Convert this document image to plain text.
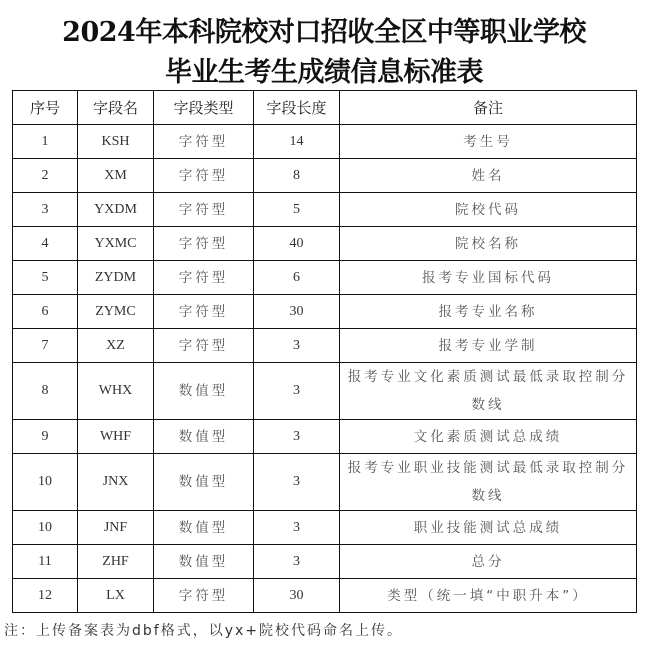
2024年本科院校对口招收全区中等职业学校
毕业生考生成绩信息标准表
序号	字段名	字段类型	字段长度	备注
1	KSH	字符型	14	考生号
2	XM	字符型	8	姓名
3	YXDM	字符型	5	院校代码
4	YXMC	字符型	40	院校名称
5	ZYDM	字符型	6	报考专业国标代码
6	ZYMC	字符型	30	报考专业名称
7	XZ	字符型	3	报考专业学制
8	WHX	数值型	3	报考专业文化素质测试最低录取控制分数线
9	WHF	数值型	3	文化素质测试总成绩
10	JNX	数值型	3	报考专业职业技能测试最低录取控制分数线
10	JNF	数值型	3	职业技能测试总成绩
11	ZHF	数值型	3	总分
12	LX	字符型	30	类型（统一填“中职升本”）
注：上传备案表为dbf格式，以yx+院校代码命名上传。
